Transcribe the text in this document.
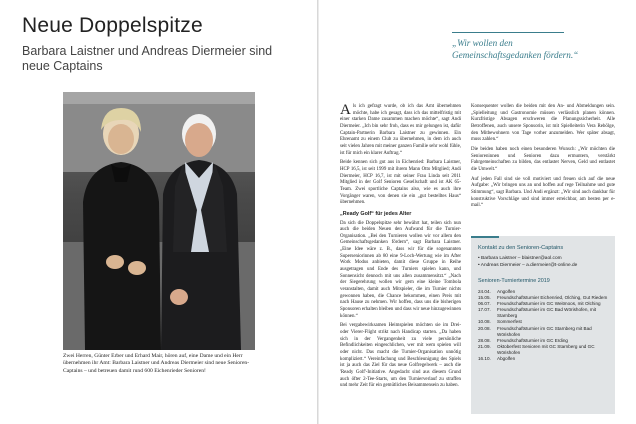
Neue Doppelspitze

Barbara Laistner und Andreas Diermeier sind neue Captains

Zwei Herren, Günter Erber und Erhard Mair, hören auf, eine Dame und ein Herr übernehmen ihr Amt: Barbara Laistner und Andreas Diermeier sind neue Senioren-Captains – und betreuen damit rund 600 Eichenrieder Senioren!

„Wir wollen den Gemeinschaftsgedanken fördern.“

Als ich gefragt wurde, ob ich das Amt übernehmen möchte, habe ich gesagt, dass ich das mittelfristig mit einer starken Dame zusammen machen möchte“, sagt Andi Diermeier. „Ich bin sehr froh, dass es mir gelungen ist, dafür Captain-Partnerin Barbara Laistner zu gewinnen. Ein Ehrenamt zu einem Club zu übernehmen, in dem ich auch seit vielen Jahren mit meiner ganzen Familie sehr wohl fühle, ist für mich ein klarer Auftrag.“

Beide kennen sich gut aus in Eichenried: Barbara Laistner, HCP 16,5, ist seit 1999 mit ihrem Mann Otto Mitglied; Andi Diermeier, HCP 16,7, ist mit seiner Frau Linda seit 2011 Mitglied in der Golf Senioren Gesellschaft und ist AK 65-Team. Zwei sportliche Captains also, wie es auch ihre Vorgänger waren, von denen sie ein „gut bestelltes Haus“ übernehmen.

„Ready Golf“ für jedes Alter

Da sich die Doppelspitze sehr bewährt hat, teilen sich nun auch die beiden Neuen den Aufwand für die Turnier-Organisation. „Bei den Turnieren wollen wir vor allem den Gemeinschaftsgedanken fördern“, sagt Barbara Laistner. „Eine Idee wäre z. B., dass wir für die sogenannten Superseniorinnen ab 80 eine 9-Loch-Wertung wie im After Work Modus anbieten, damit diese Gruppe in Reihe ausgetragen und Ende des Turniers spielen kann, und Sonnensicht dennoch mit uns allen zusammensitzt.“ „Nach der Siegerehrung wollen wir gern eine kleine Tombola veranstalten, damit auch Mitspieler, die im Turnier nichts gewonnen haben, die Chance bekommen, einen Preis mit nach Hause zu nehmen. Wir hoffen, dass uns die bisherigen Sponsoren erhalten bleiben und dass wir neue hinzugewinnen können.“

Bei vergabewirksamen Heimspielen möchten sie im Drei- oder Vierer-Flight strikt nach Handicap starten. „Da haben sich in der Vergangenheit zu viele persönliche Befindlichkeiten eingeschlichen, wer mit wem spielen will oder nicht. Das macht die Turnier-Organisation unnötig kompliziert.“ Vereinfachung und Beschleunigung des Spiels ist ja auch das Ziel für das neue Golfregelwerk – auch die 'Ready Golf'-Initiative. Angedacht sind aus diesem Grund auch öfter 2-Tee-Starts, um den Turnierverlauf zu straffen und mehr Zeit für ein gemütliches Beisammensein zu haben.

Konsequenter wollen die beiden mit den An- und Abmeldungen sein. „Spielleitung und Gastronomie müssen verlässlich planen können. Kurzfristige Absagen erschweren die Planungssicherheit. Alle Betroffenen, auch unsere Sponsorin, ist mit Spielleiterin Vera Rebölge, den Mitbewohnern von Tage vorher anzumelden. Wer später absagt, muss zahlen.“

Die beiden haben noch einen besonderen Wunsch: „Wir möchten die Senioreninnen und Senioren dazu ermuntern, verstärkt Fahrgemeinschaften zu bilden, das entlastet Nerven, Geld und entlastet die Umwelt.“

Auf jeden Fall sind sie voll motiviert und freuen sich auf die neue Aufgabe: „Wir bringen uns an und hoffen auf rege Teilnahme und gute Stimmung“, sagt Barbara. Und Andi ergänzt: „Wir sind auch dankbar für konstruktive Vorschläge und sind immer erreichbar, am besten per e-mail.“

Kontakt zu den Senioren-Captains

• Barbara Laistner – blaistner@aol.com
• Andreas Diermeier – a.diermeier@t-online.de

Senioren-Turniertermine 2019

24.04.	Angolfen
15.05.	Freundschaftsturnier Eichenried, Olching, Gut Riedem
06.07.	Freundschaftsturnier im GC Weitmoos, mit Olching
17.07.	Freundschaftsturnier im GC Bad Wörishofen, mit Starnberg
10.08.	Sommerfest
20.08.	Freundschaftsturnier im GC Starnberg mit Bad Wörishofen
28.08.	Freundschaftsturnier im GC Erding
21.09.	Oktoberfest Senioren mit GC Starnberg und GC Wörishofen
16.10.	Abgolfen
